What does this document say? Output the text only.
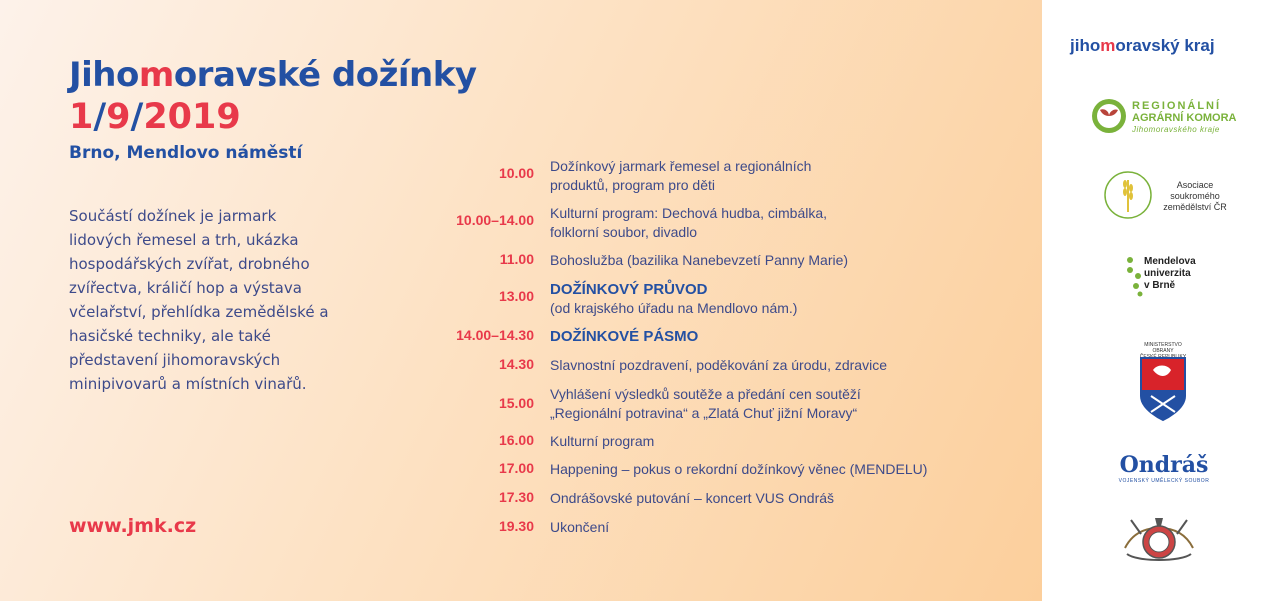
Jihomoravské dožínky
1/9/2019
Brno, Mendlovo náměstí

Součástí dožínek je jarmark lidových řemesel a trh, ukázka hospodářských zvířat, drobného zvířectva, králičí hop a výstava včelařství, přehlídka zemědělské a hasičské techniky, ale také představení jihomoravských minipivovarů a místních vinařů.

www.jmk.cz
10.00 Dožínkový jarmark řemesel a regionálních
produktů, program pro děti
10.00–14.00 Kulturní program: Dechová hudba, cimbálka,
folklorní soubor, divadlo
11.00 Bohoslužba (bazilika Nanebevzetí Panny Marie)
13.00 DOŽÍNKOVÝ PRŮVOD
(od krajského úřadu na Mendlovo nám.)
14.00–14.30 DOŽÍNKOVÉ PÁSMO
14.30 Slavnostní pozdravení, poděkování za úrodu, zdravice
15.00
Vyhlášení výsledků soutěže a předání cen soutěží
„Regionální potravina“ a „Zlatá Chuť jižní Moravy“
16.00 Kulturní program
17.00 Happening – pokus o rekordní dožínkový věnec (MENDELU)
17.30 Ondrášovské putování – koncert VUS Ondráš
19.30 Ukončení
jihomoravský kraj
REGIONÁLNÍ
AGRÁRNÍ KOMORA
Jihomoravského kraje
Asociace
soukromého
zemědělství ČR
Mendelova
univerzita
v Brně
MINISTERSTVO OBRANY
Ondráš
VOJENSKÝ UMĚLECKÝ SOUBOR
